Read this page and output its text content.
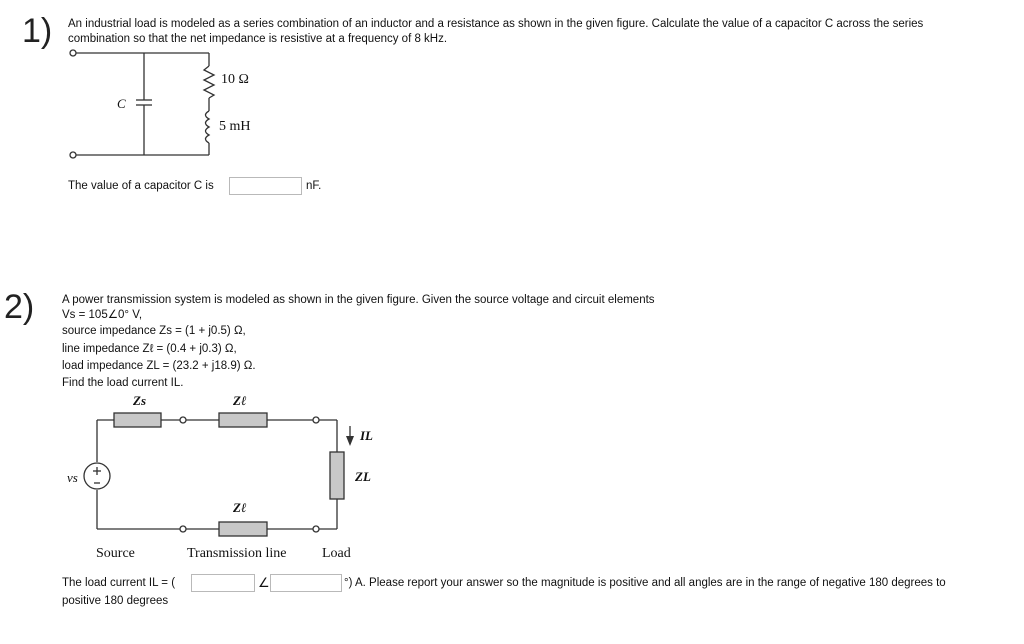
1) An industrial load is modeled as a series combination of an inductor and a resistance as shown in the given figure. Calculate the value of a capacitor C across the series
combination so that the net impedance is resistive at a frequency of 8 kHz.
C
10 Ω
5 mH
The value of a capacitor C is	nF.
2) A power transmission system is modeled as shown in the given figure. Given the source voltage and circuit elements
Vs = 105∠0° V,
source impedance Zs = (1 + j0.5) Ω,
line impedance Zℓ = (0.4 + j0.3) Ω,
load impedance ZL = (23.2 + j18.9) Ω.
Find the load current IL.
Zs	Zℓ
IL
ZL
vs
Zℓ
Source	Transmission line	Load
The load current IL = (	∠	°) A. Please report your answer so the magnitude is positive and all angles are in the range of negative 180 degrees to
positive 180 degrees
